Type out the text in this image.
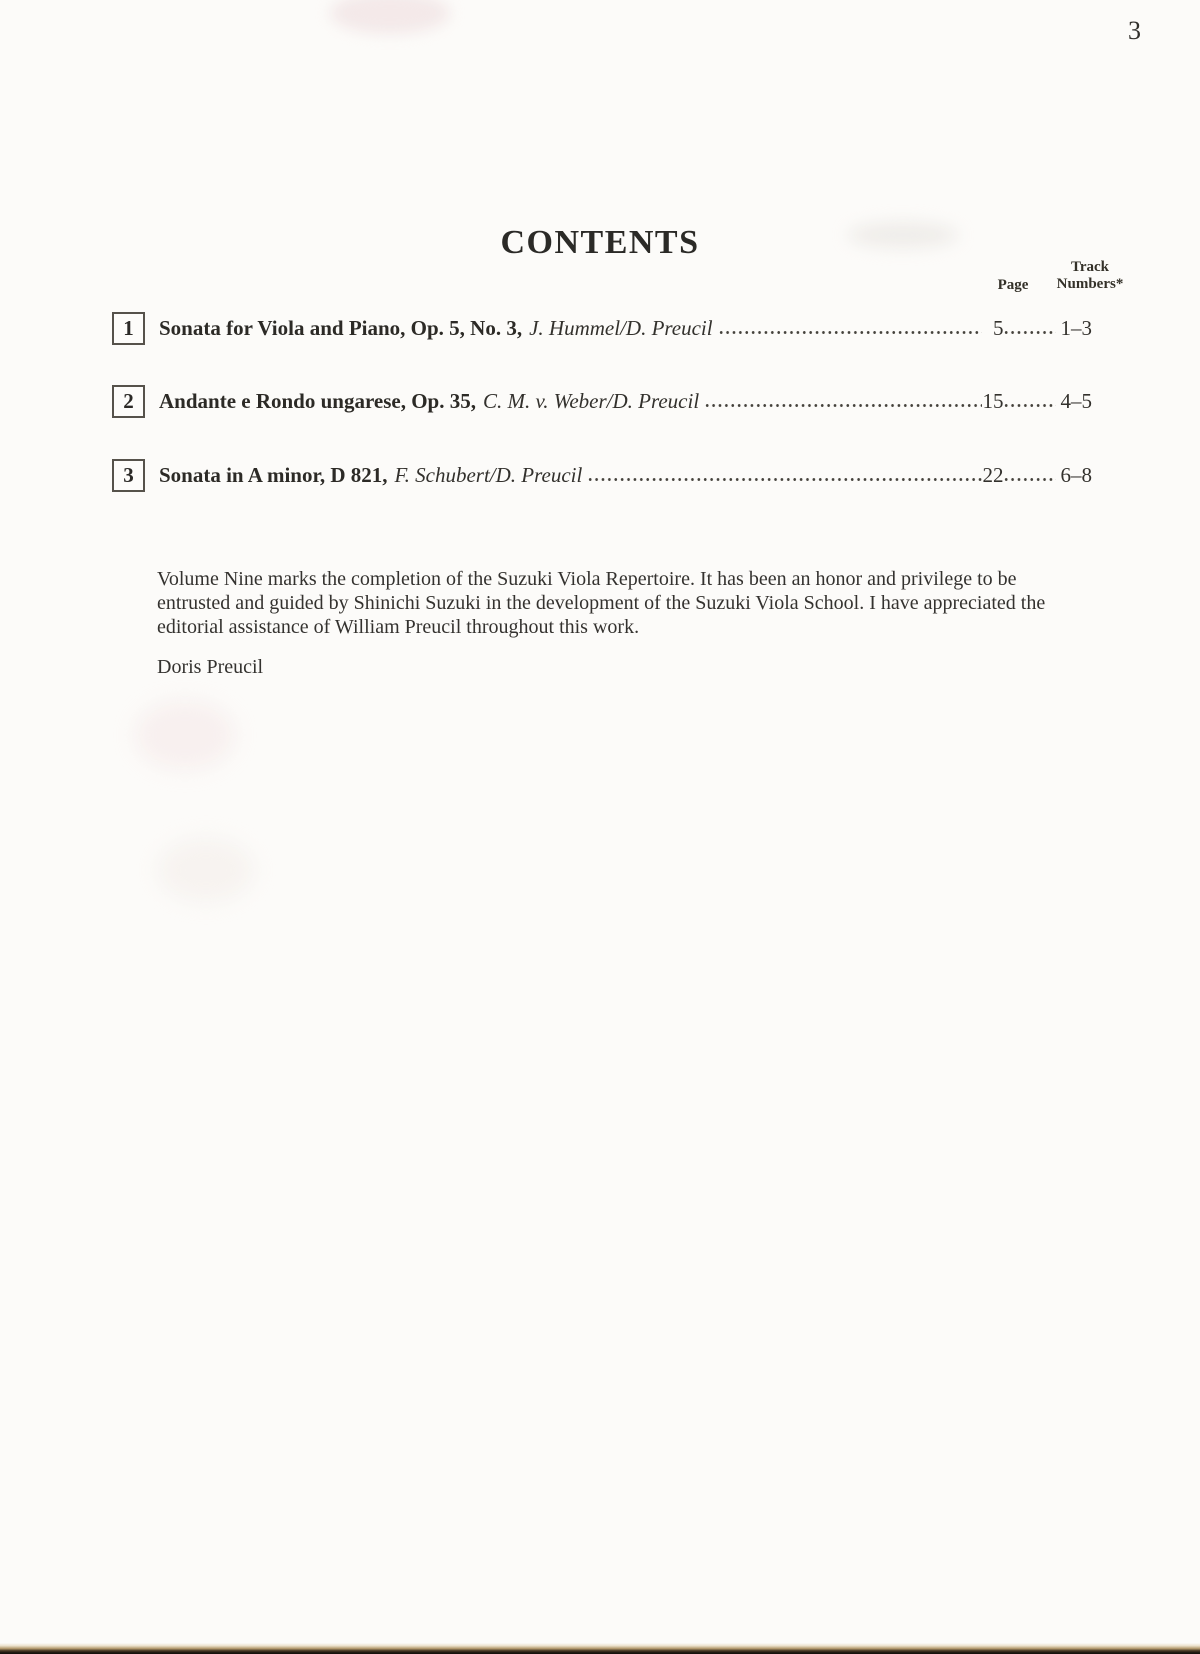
3
CONTENTS
Page
Track
Numbers*
1	Sonata for Viola and Piano, Op. 5, No. 3, J. Hummel/D. Preucil	5	1–3
2	Andante e Rondo ungarese, Op. 35, C. M. v. Weber/D. Preucil	15	4–5
3	Sonata in A minor, D 821, F. Schubert/D. Preucil	22	6–8
Volume Nine marks the completion of the Suzuki Viola Repertoire. It has been an honor and privilege to be
entrusted and guided by Shinichi Suzuki in the development of the Suzuki Viola School. I have appreciated the
editorial assistance of William Preucil throughout this work.
Doris Preucil
